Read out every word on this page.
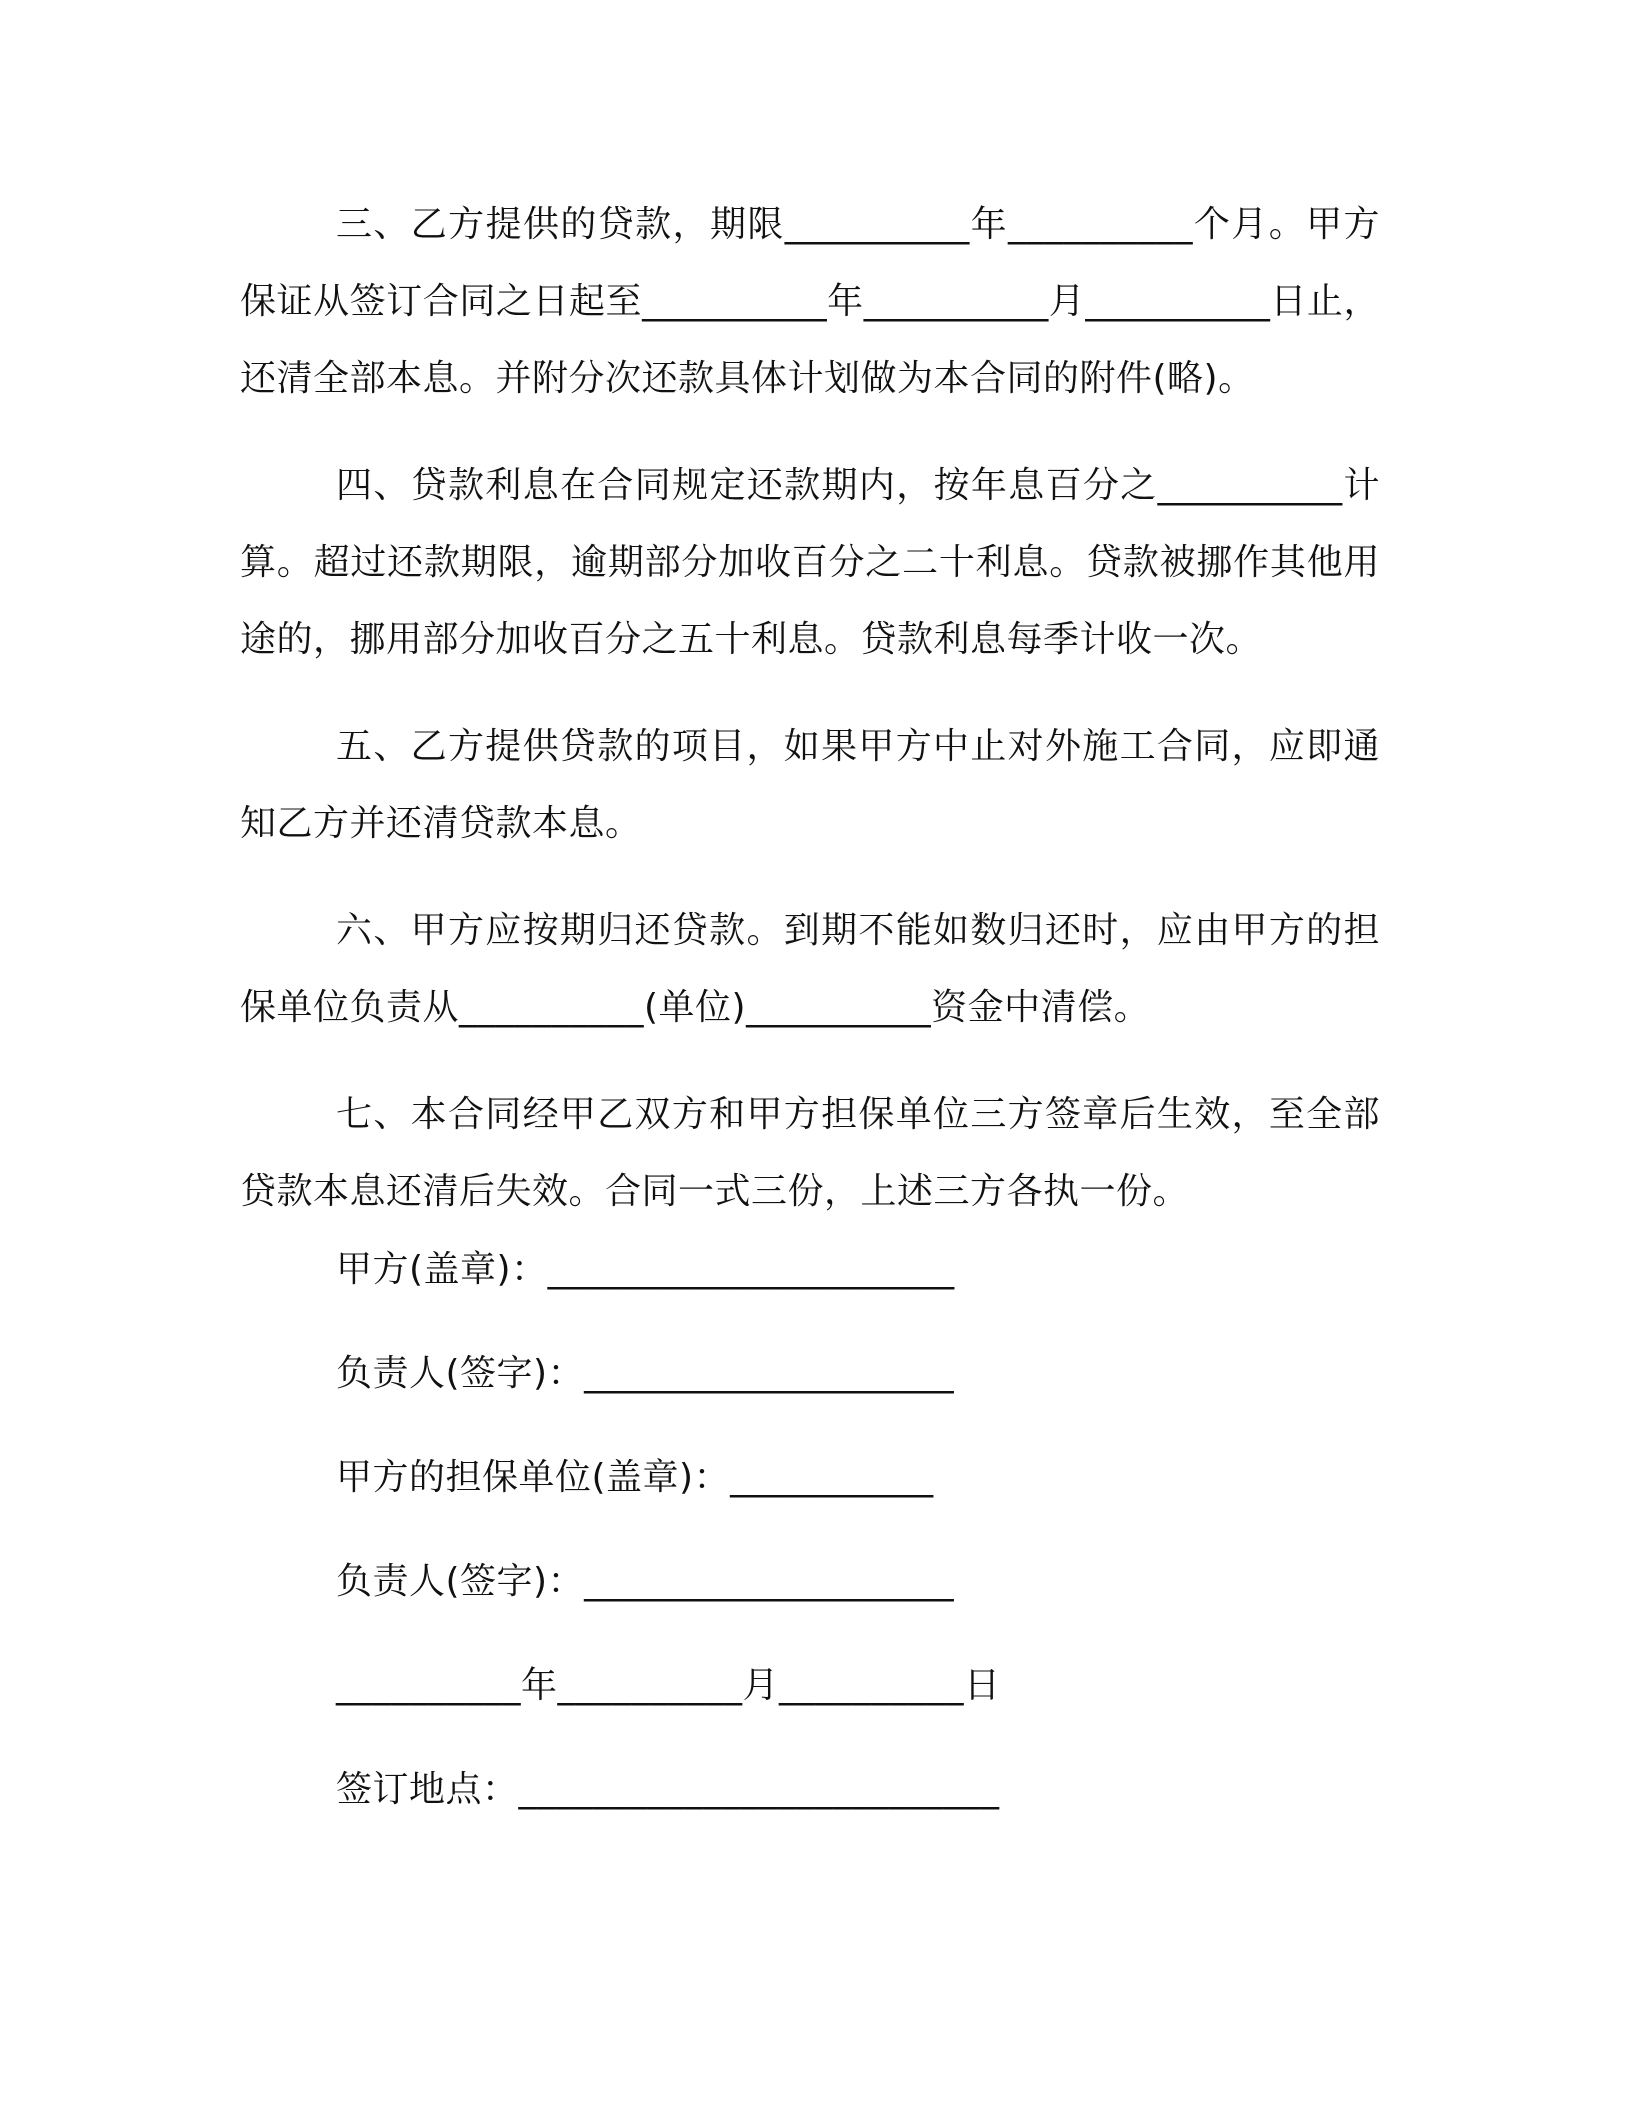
三、乙方提供的贷款，期限__________年__________个月。甲方保证从签订合同之日起至__________年__________月__________日止，还清全部本息。并附分次还款具体计划做为本合同的附件(略)。

四、贷款利息在合同规定还款期内，按年息百分之__________计算。超过还款期限，逾期部分加收百分之二十利息。贷款被挪作其他用途的，挪用部分加收百分之五十利息。贷款利息每季计收一次。

五、乙方提供贷款的项目，如果甲方中止对外施工合同，应即通知乙方并还清贷款本息。

六、甲方应按期归还贷款。到期不能如数归还时，应由甲方的担保单位负责从__________(单位)__________资金中清偿。

七、本合同经甲乙双方和甲方担保单位三方签章后生效，至全部贷款本息还清后失效。合同一式三份，上述三方各执一份。

甲方(盖章)：______________________
负责人(签字)：____________________
甲方的担保单位(盖章)：___________
负责人(签字)：____________________
__________年__________月__________日
签订地点：__________________________
